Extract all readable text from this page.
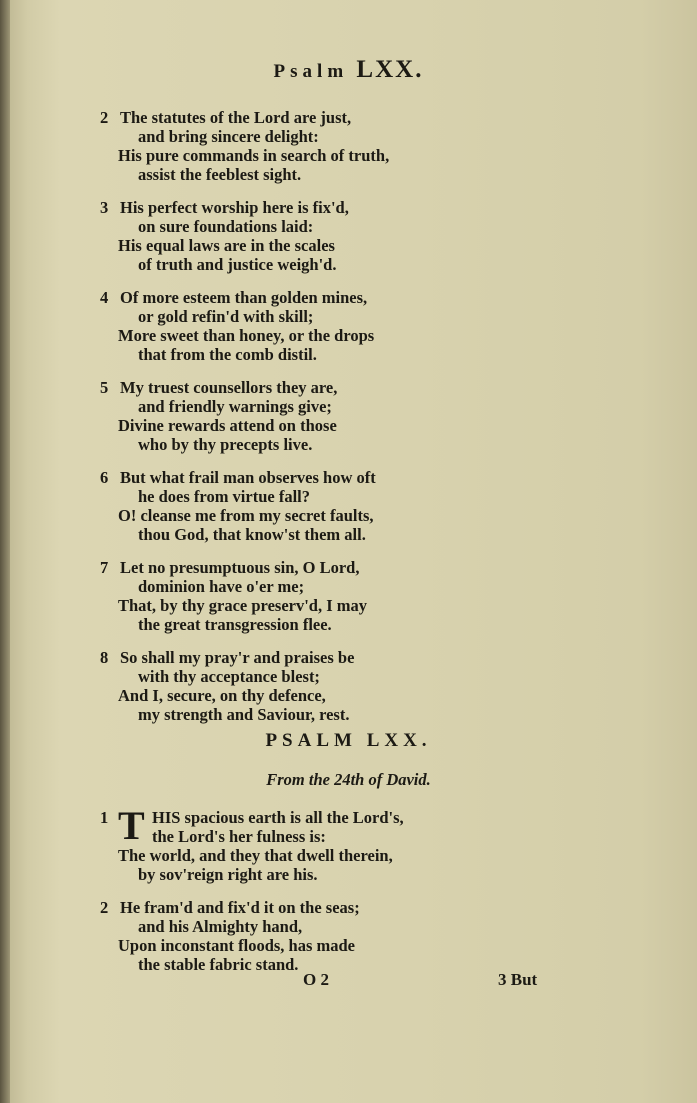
Psalm LXX.
2 The statutes of the Lord are just,
and bring sincere delight:
His pure commands in search of truth,
assist the feeblest sight.
3 His perfect worship here is fix'd,
on sure foundations laid:
His equal laws are in the scales
of truth and justice weigh'd.
4 Of more esteem than golden mines,
or gold refin'd with skill;
More sweet than honey, or the drops
that from the comb distil.
5 My truest counsellors they are,
and friendly warnings give;
Divine rewards attend on those
who by thy precepts live.
6 But what frail man observes how oft
he does from virtue fall?
O! cleanse me from my secret faults,
thou God, that know'st them all.
7 Let no presumptuous sin, O Lord,
dominion have o'er me;
That, by thy grace preserv'd, I may
the great transgression flee.
8 So shall my pray'r and praises be
with thy acceptance blest;
And I, secure, on thy defence,
my strength and Saviour, rest.
PSALM LXX.
From the 24th of David.
1 T HIS spacious earth is all the Lord's,
the Lord's her fulness is:
The world, and they that dwell therein,
by sov'reign right are his.
2 He fram'd and fix'd it on the seas;
and his Almighty hand,
Upon inconstant floods, has made
the stable fabric stand.
O 2	3 But
